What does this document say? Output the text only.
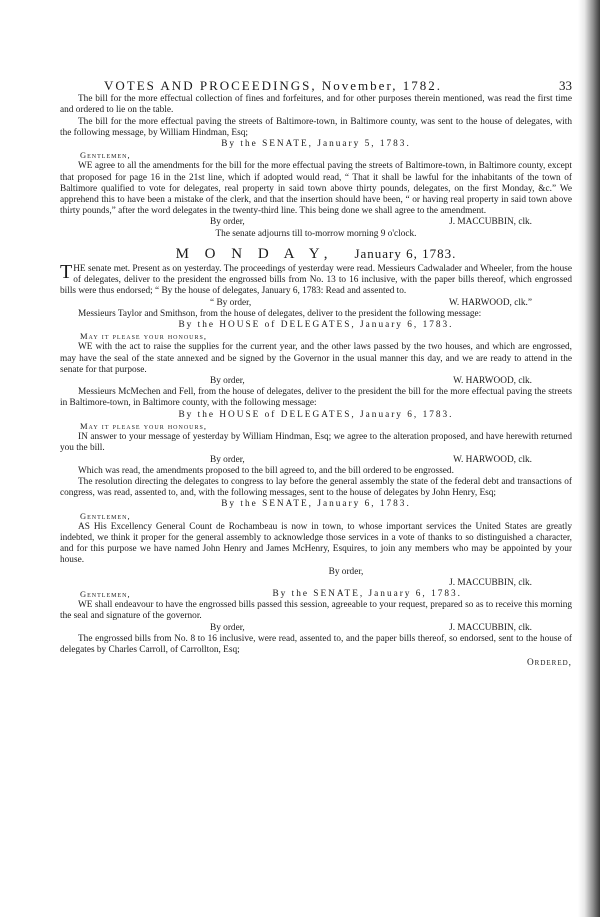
VOTES AND PROCEEDINGS, November, 1782.	33

The bill for the more effectual collection of fines and forfeitures, and for other purposes therein mentioned, was read the first time and ordered to lie on the table.

The bill for the more effectual paving the streets of Baltimore-town, in Baltimore county, was sent to the house of delegates, with the following message, by William Hindman, Esq;

By the SENATE, January 5, 1783.

Gentlemen,

WE agree to all the amendments for the bill for the more effectual paving the streets of Baltimore-town, in Baltimore county, except that proposed for page 16 in the 21st line, which if adopted would read, “ That it shall be lawful for the inhabitants of the town of Baltimore qualified to vote for delegates, real property in said town above thirty pounds, delegates, on the first Monday, &c.” We apprehend this to have been a mistake of the clerk, and that the insertion should have been, “ or having real property in said town above thirty pounds,” after the word delegates in the twenty-third line. This being done we shall agree to the amendment.

By order,	J. MACCUBBIN, clk.

The senate adjourns till to-morrow morning 9 o'clock.

M O N D A Y,  January 6, 1783.

THE senate met. Present as on yesterday. The proceedings of yesterday were read. Messieurs Cadwalader and Wheeler, from the house of delegates, deliver to the president the engrossed bills from No. 13 to 16 inclusive, with the paper bills thereof, which engrossed bills were thus endorsed; “ By the house of delegates, January 6, 1783: Read and assented to.

“ By order,	W. HARWOOD, clk.”

Messieurs Taylor and Smithson, from the house of delegates, deliver to the president the following message:

By the HOUSE of DELEGATES, January 6, 1783.

May it please your honours,

WE with the act to raise the supplies for the current year, and the other laws passed by the two houses, and which are engrossed, may have the seal of the state annexed and be signed by the Governor in the usual manner this day, and we are ready to attend in the senate for that purpose.

By order,	W. HARWOOD, clk.

Messieurs McMechen and Fell, from the house of delegates, deliver to the president the bill for the more effectual paving the streets in Baltimore-town, in Baltimore county, with the following message:

By the HOUSE of DELEGATES, January 6, 1783.

May it please your honours,

IN answer to your message of yesterday by William Hindman, Esq; we agree to the alteration proposed, and have herewith returned you the bill.

By order,	W. HARWOOD, clk.

Which was read, the amendments proposed to the bill agreed to, and the bill ordered to be engrossed.

The resolution directing the delegates to congress to lay before the general assembly the state of the federal debt and transactions of congress, was read, assented to, and, with the following messages, sent to the house of delegates by John Henry, Esq;

By the SENATE, January 6, 1783.

Gentlemen,

AS His Excellency General Count de Rochambeau is now in town, to whose important services the United States are greatly indebted, we think it proper for the general assembly to acknowledge those services in a vote of thanks to so distinguished a character, and for this purpose we have named John Henry and James McHenry, Esquires, to join any members who may be appointed by your house.

By order,

J. MACCUBBIN, clk.

Gentlemen,	By the SENATE, January 6, 1783.

WE shall endeavour to have the engrossed bills passed this session, agreeable to your request, prepared so as to receive this morning the seal and signature of the governor.

By order,	J. MACCUBBIN, clk.

The engrossed bills from No. 8 to 16 inclusive, were read, assented to, and the paper bills thereof, so endorsed, sent to the house of delegates by Charles Carroll, of Carrollton, Esq;

Ordered,
